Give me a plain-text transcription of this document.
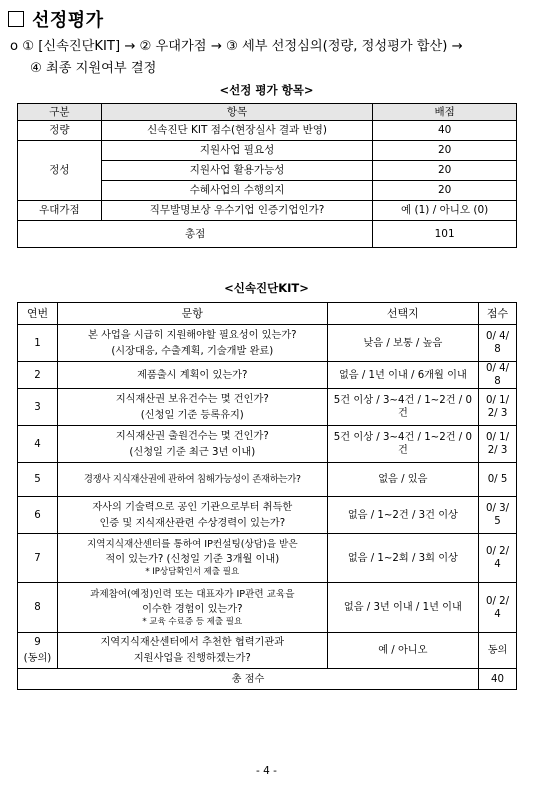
선정평가
ο ① [신속진단KIT] → ② 우대가점 → ③ 세부 선정심의(정량, 정성평가 합산) →
④ 최종 지원여부 결정
<선정 평가 항목>
구분	항목	배점
정량	신속진단 KIT 점수(현장실사 결과 반영)	40
정성	지원사업 필요성	20
	지원사업 활용가능성	20
	수혜사업의 수행의지	20
우대가점	직무발명보상 우수기업 인증기업인가?	예 (1) / 아니오 (0)
총점		101
<신속진단KIT>
연번	문항	선택지	점수
1	본 사업을 시급히 지원해야할 필요성이 있는가?
(시장대응, 수출계획, 기술개발 완료)	낮음 / 보통 / 높음	0/ 4/ 8
2	제품출시 계획이 있는가?	없음 / 1년 이내 / 6개월 이내	0/ 4/ 8
3	지식재산권 보유건수는 몇 건인가?
(신청일 기준 등록유지)	5건 이상 / 3~4건 / 1~2건 / 0건	0/ 1/ 2/ 3
4	지식재산권 출원건수는 몇 건인가?
(신청일 기준 최근 3년 이내)	5건 이상 / 3~4건 / 1~2건 / 0건	0/ 1/ 2/ 3
5	경쟁사 지식재산권에 관하여 침해가능성이 존재하는가?	없음 / 있음	0/ 5
6	자사의 기술력으로 공인 기관으로부터 취득한
인증 및 지식재산관련 수상경력이 있는가?	없음 / 1~2건 / 3건 이상	0/ 3/ 5
7	지역지식재산센터를 통하여 IP컨설팅(상담)을 받은
적이 있는가? (신청일 기준 3개월 이내)
* IP상담확인서 제출 필요	없음 / 1~2회 / 3회 이상	0/ 2/ 4
8	과제참여(예정)인력 또는 대표자가 IP관련 교육을
이수한 경험이 있는가?
* 교육 수료증 등 제출 필요	없음 / 3년 이내 / 1년 이내	0/ 2/ 4

9
(동의)	지역지식재산센터에서 추천한 협력기관과
지원사업을 진행하겠는가?	예 / 아니오	동의
총 점수			40
- 4 -
